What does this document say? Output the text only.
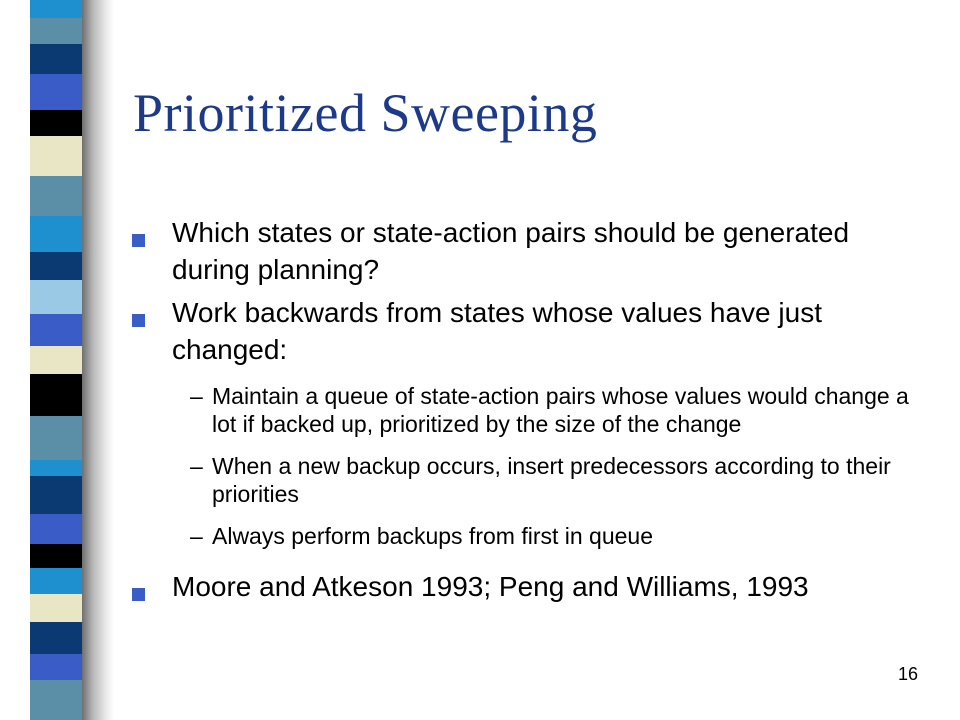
Prioritized Sweeping
Which states or state-action pairs should be generated during planning?
Work backwards from states whose values have just changed:
– Maintain a queue of state-action pairs whose values would change a lot if backed up, prioritized by the size of the change
– When a new backup occurs, insert predecessors according to their priorities
– Always perform backups from first in queue
Moore and Atkeson 1993; Peng and Williams, 1993
16
